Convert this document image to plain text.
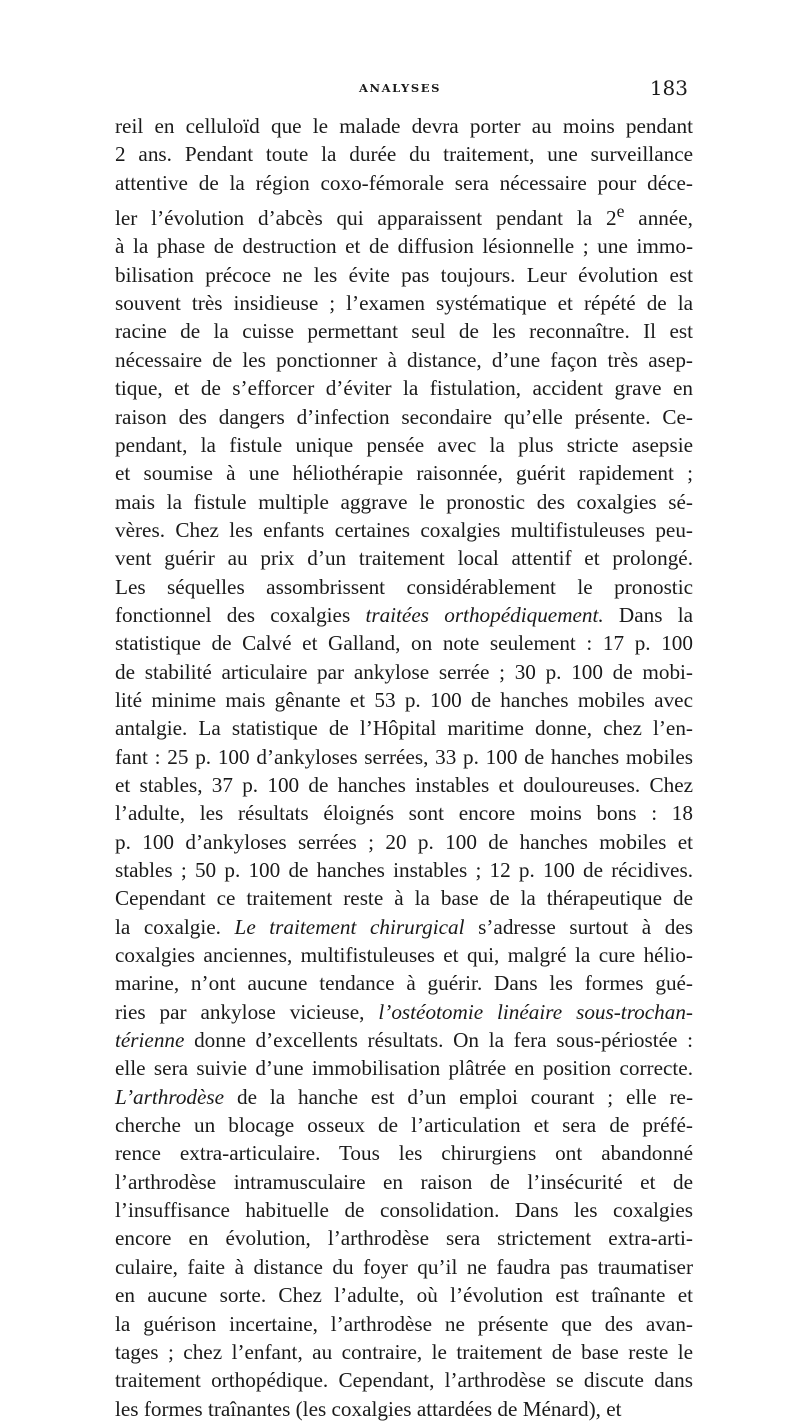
ANALYSES	183
reil en celluloïd que le malade devra porter au moins pendant
2 ans. Pendant toute la durée du traitement, une surveillance
attentive de la région coxo-fémorale sera nécessaire pour déce-
ler l’évolution d’abcès qui apparaissent pendant la 2e année,
à la phase de destruction et de diffusion lésionnelle ; une immo-
bilisation précoce ne les évite pas toujours. Leur évolution est
souvent très insidieuse ; l’examen systématique et répété de la
racine de la cuisse permettant seul de les reconnaître. Il est
nécessaire de les ponctionner à distance, d’une façon très asep-
tique, et de s’efforcer d’éviter la fistulation, accident grave en
raison des dangers d’infection secondaire qu’elle présente. Ce-
pendant, la fistule unique pensée avec la plus stricte asepsie
et soumise à une héliothérapie raisonnée, guérit rapidement ;
mais la fistule multiple aggrave le pronostic des coxalgies sé-
vères. Chez les enfants certaines coxalgies multifistuleuses peu-
vent guérir au prix d’un traitement local attentif et prolongé.
Les séquelles assombrissent considérablement le pronostic
fonctionnel des coxalgies traitées orthopédiquement. Dans la
statistique de Calvé et Galland, on note seulement : 17 p. 100
de stabilité articulaire par ankylose serrée ; 30 p. 100 de mobi-
lité minime mais gênante et 53 p. 100 de hanches mobiles avec
antalgie. La statistique de l’Hôpital maritime donne, chez l’en-
fant : 25 p. 100 d’ankyloses serrées, 33 p. 100 de hanches mobiles
et stables, 37 p. 100 de hanches instables et douloureuses. Chez
l’adulte, les résultats éloignés sont encore moins bons : 18
p. 100 d’ankyloses serrées ; 20 p. 100 de hanches mobiles et
stables ; 50 p. 100 de hanches instables ; 12 p. 100 de récidives.
Cependant ce traitement reste à la base de la thérapeutique de
la coxalgie. Le traitement chirurgical s’adresse surtout à des
coxalgies anciennes, multifistuleuses et qui, malgré la cure hélio-
marine, n’ont aucune tendance à guérir. Dans les formes gué-
ries par ankylose vicieuse, l’ostéotomie linéaire sous-trochan-
térienne donne d’excellents résultats. On la fera sous-périostée :
elle sera suivie d’une immobilisation plâtrée en position correcte.
L’arthrodèse de la hanche est d’un emploi courant ; elle re-
cherche un blocage osseux de l’articulation et sera de préfé-
rence extra-articulaire. Tous les chirurgiens ont abandonné
l’arthrodèse intramusculaire en raison de l’insécurité et de
l’insuffisance habituelle de consolidation. Dans les coxalgies
encore en évolution, l’arthrodèse sera strictement extra-arti-
culaire, faite à distance du foyer qu’il ne faudra pas traumatiser
en aucune sorte. Chez l’adulte, où l’évolution est traînante et
la guérison incertaine, l’arthrodèse ne présente que des avan-
tages ; chez l’enfant, au contraire, le traitement de base reste le
traitement orthopédique. Cependant, l’arthrodèse se discute dans
les formes traînantes (les coxalgies attardées de Ménard), et
